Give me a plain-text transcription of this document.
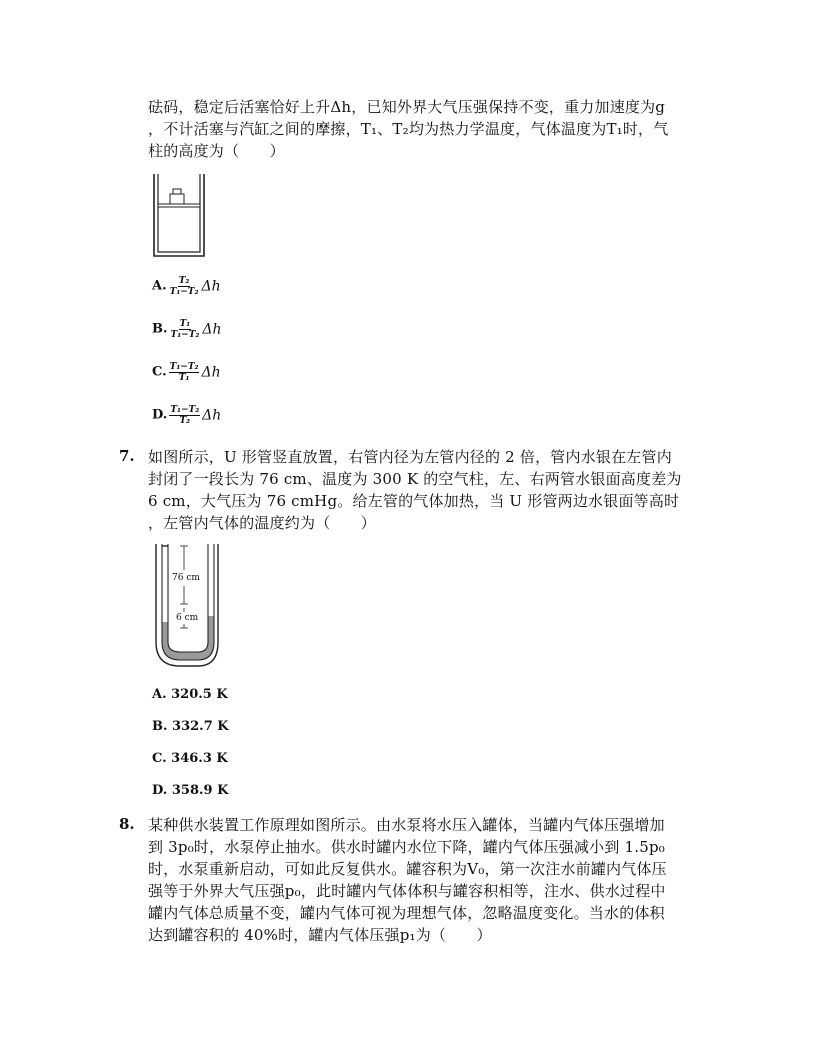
砝码，稳定后活塞恰好上升Δh，已知外界大气压强保持不变，重力加速度为g
，不计活塞与汽缸之间的摩擦，T₁、T₂均为热力学温度，气体温度为T₁时，气
柱的高度为（　　）
A. $\frac{\text{T₂}}{\text{T₁−T₂}}$ Δh
B. $\frac{\text{T₁}}{\text{T₁−T₂}}$ Δh
C. $\frac{\text{T₁−T₂}}{\text{T₁}}$ Δh
D. $\frac{\text{T₁−T₂}}{\text{T₂}}$ Δh
7. 如图所示，U 形管竖直放置，右管内径为左管内径的 2 倍，管内水银在左管内
封闭了一段长为 76 cm、温度为 300 K 的空气柱，左、右两管水银面高度差为
6 cm，大气压为 76 cmHg。给左管的气体加热，当 U 形管两边水银面等高时
，左管内气体的温度约为（　　）
76 cm
6 cm
A. 320.5 K
B. 332.7 K
C. 346.3 K
D. 358.9 K
8. 某种供水装置工作原理如图所示。由水泵将水压入罐体，当罐内气体压强增加
到 3p₀时，水泵停止抽水。供水时罐内水位下降，罐内气体压强减小到 1.5p₀
时，水泵重新启动，可如此反复供水。罐容积为V₀，第一次注水前罐内气体压
强等于外界大气压强p₀，此时罐内气体体积与罐容积相等，注水、供水过程中
罐内气体总质量不变，罐内气体可视为理想气体，忽略温度变化。当水的体积
达到罐容积的 40%时，罐内气体压强p₁为（　　）
